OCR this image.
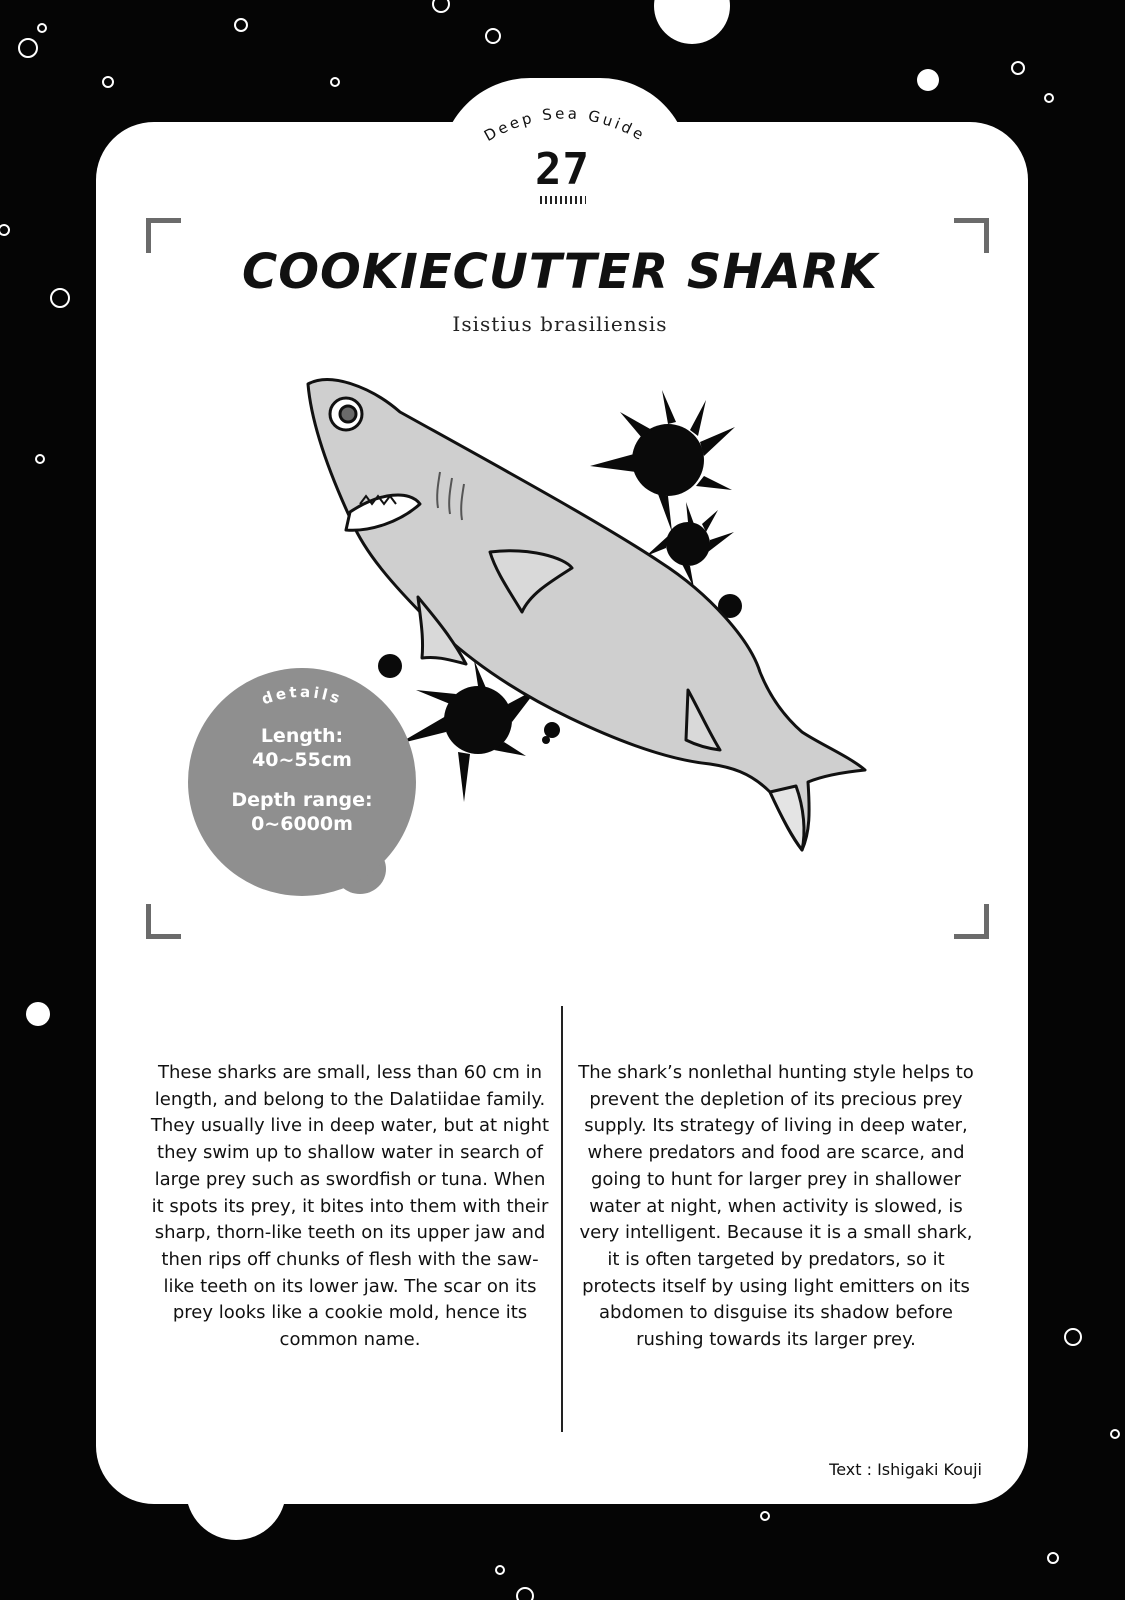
Deep Sea Guide
27
COOKIECUTTER SHARK
Isistius brasiliensis
details
Length:
40~55cm
Depth range:
0~6000m

These sharks are small, less than 60 cm in length, and belong to the Dalatiidae family. They usually live in deep water, but at night they swim up to shallow water in search of large prey such as swordfish or tuna. When it spots its prey, it bites into them with their sharp, thorn-like teeth on its upper jaw and then rips off chunks of flesh with the saw-like teeth on its lower jaw. The scar on its prey looks like a cookie mold, hence its common name.

The shark’s nonlethal hunting style helps to prevent the depletion of its precious prey supply. Its strategy of living in deep water, where predators and food are scarce, and going to hunt for larger prey in shallower water at night, when activity is slowed, is very intelligent. Because it is a small shark, it is often targeted by predators, so it protects itself by using light emitters on its abdomen to disguise its shadow before rushing towards its larger prey.

Text : Ishigaki Kouji
